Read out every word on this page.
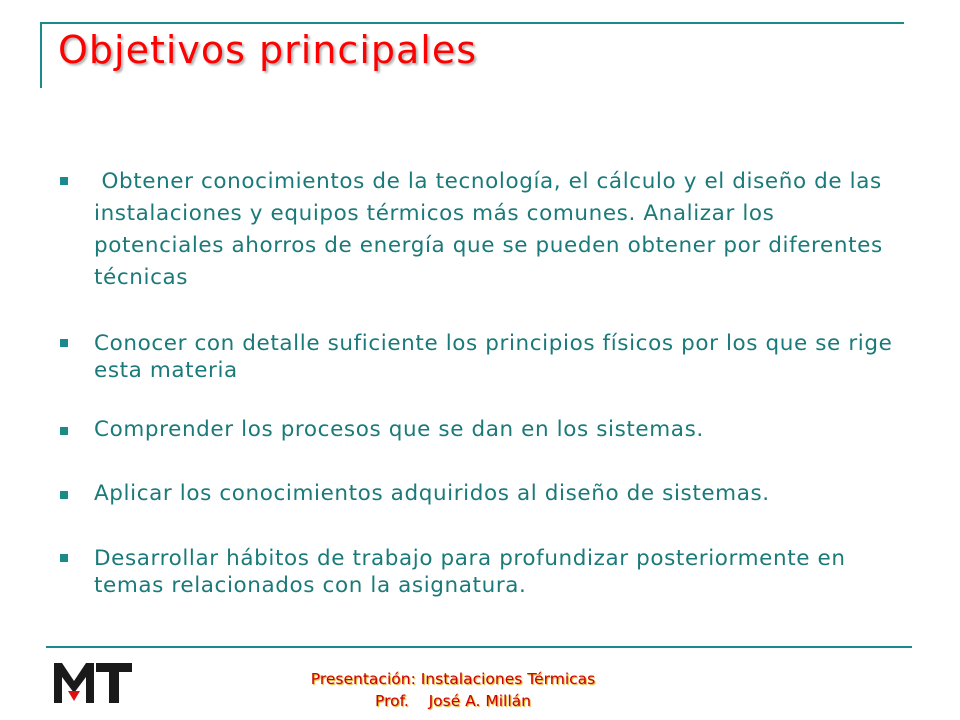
Objetivos principales
Obtener conocimientos de la tecnología, el cálculo y el diseño de las instalaciones y equipos térmicos más comunes. Analizar los potenciales ahorros de energía que se pueden obtener por diferentes técnicas
Conocer con detalle suficiente los principios físicos por los que se rige esta materia
Comprender los procesos que se dan en los sistemas.
Aplicar los conocimientos adquiridos al diseño de sistemas.
Desarrollar hábitos de trabajo para profundizar posteriormente en temas relacionados con la asignatura.
Presentación: Instalaciones Térmicas
Prof.    José A. Millán
